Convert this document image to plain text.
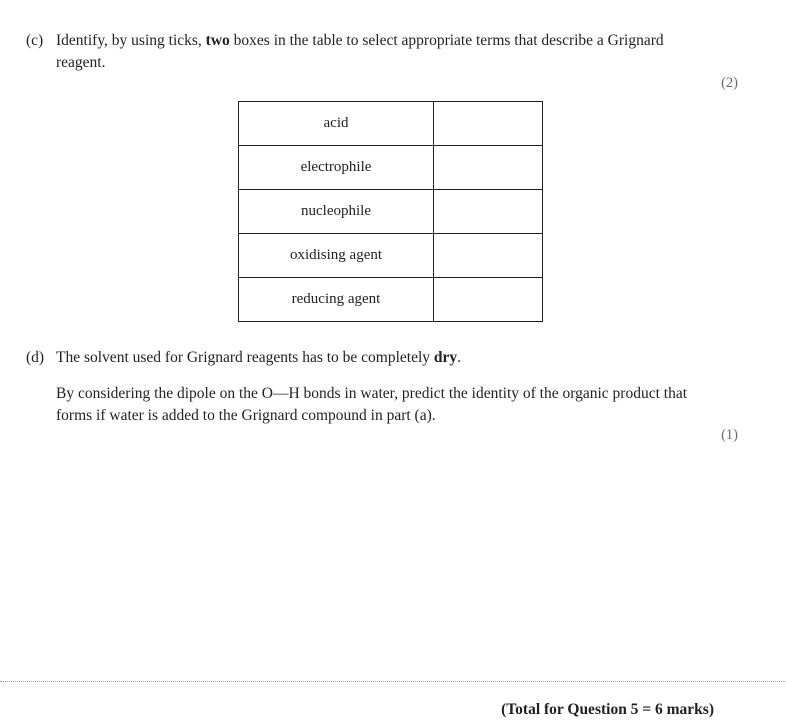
(c) Identify, by using ticks, two boxes in the table to select appropriate terms that describe a Grignard reagent.

(2)
acid	
electrophile	
nucleophile	
oxidising agent	
reducing agent	
(d) The solvent used for Grignard reagents has to be completely dry.

By considering the dipole on the O—H bonds in water, predict the identity of the organic product that forms if water is added to the Grignard compound in part (a).

(1)
(Total for Question 5 = 6 marks)
